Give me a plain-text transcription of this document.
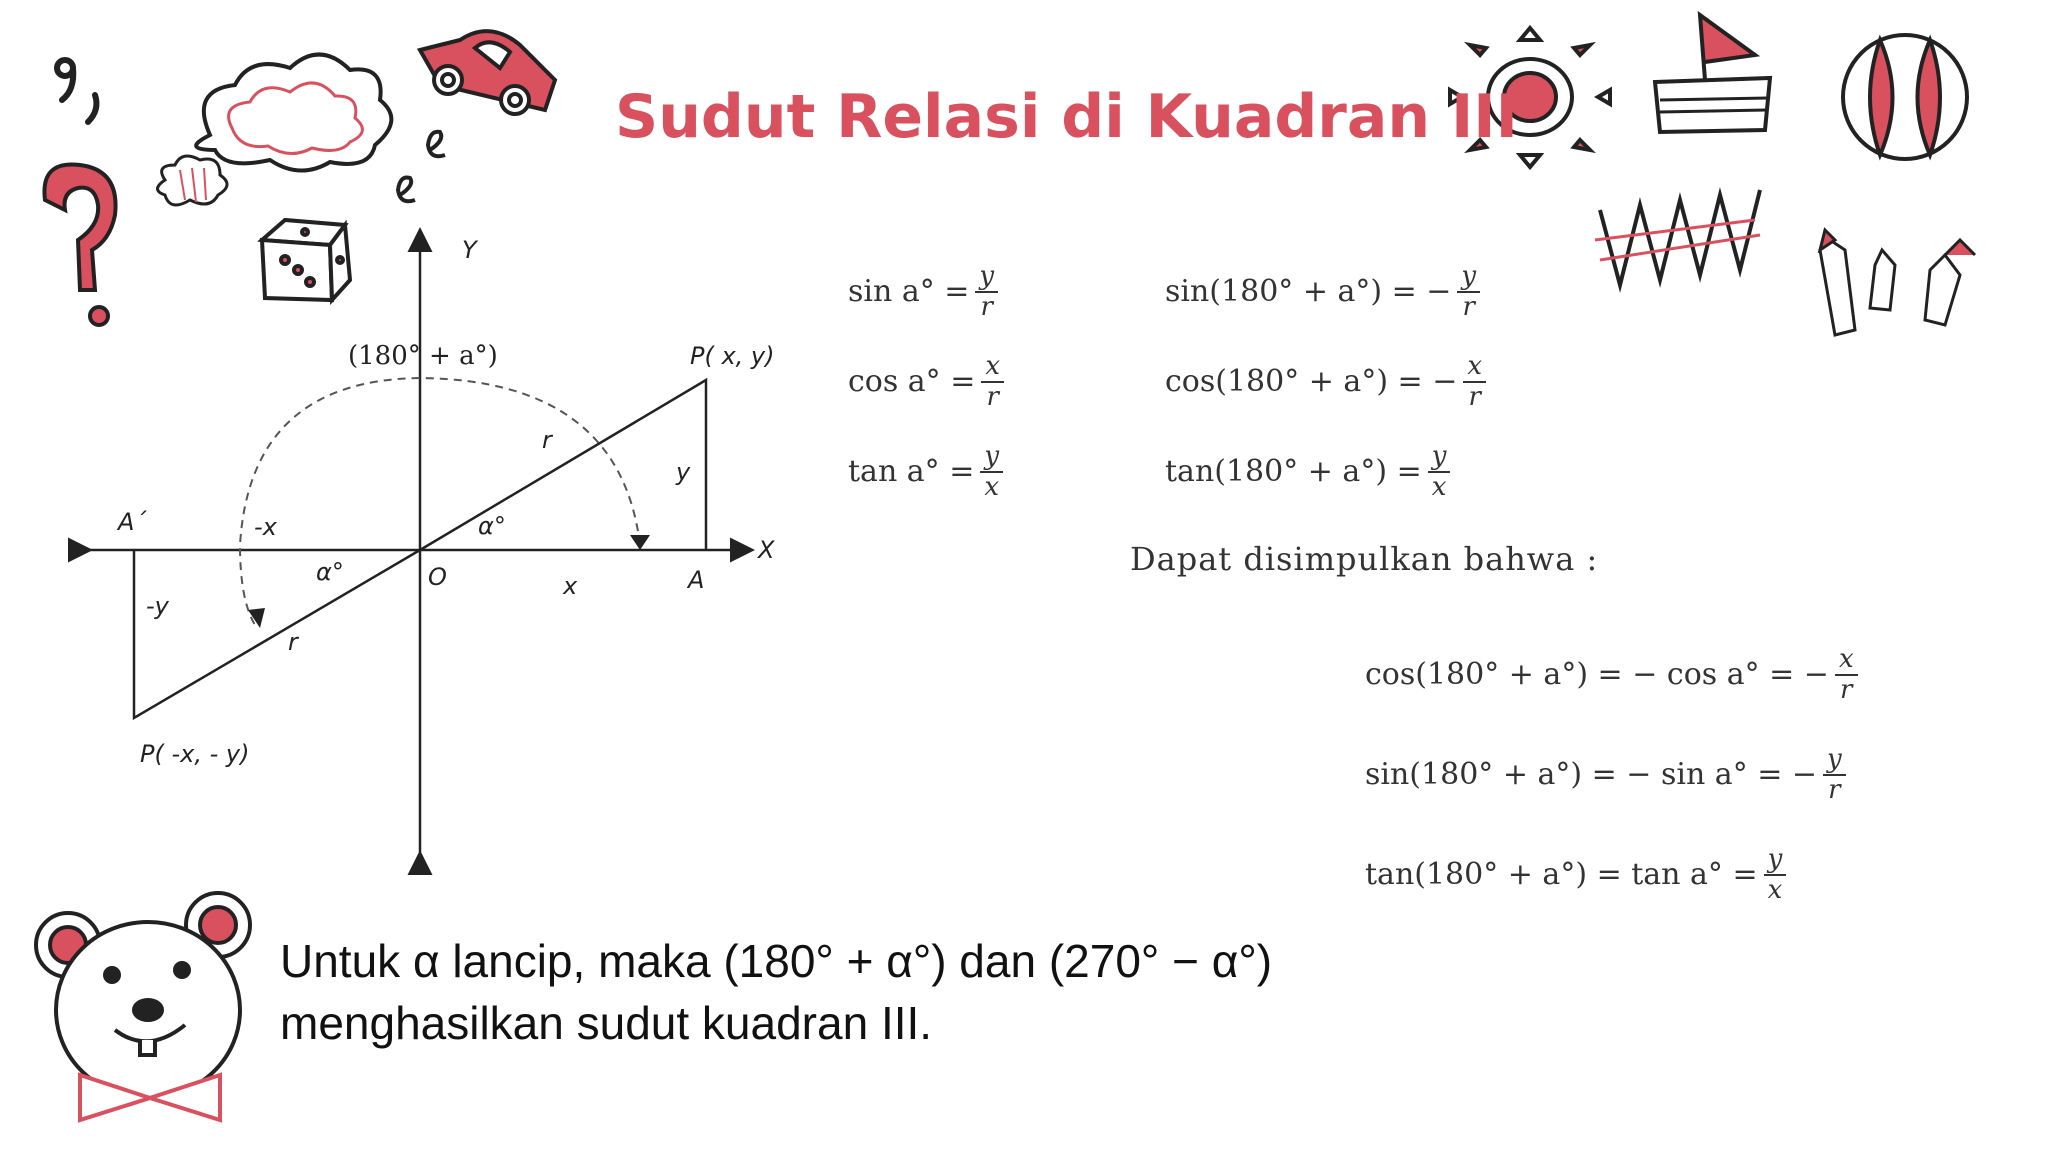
Sudut Relasi di Kuadran III
Y
X
O
(180° + a°)	P( x, y)
P( -x, - y)
r
r
y
-y
x
-x	α°
α°	A
A´
$\sin a^\circ = \frac{y}{r}$
$\cos a^\circ = \frac{x}{r}$
$\tan a^\circ = \frac{y}{x}$
sin(180° + a°) = − $\frac{y}{r}$
cos(180° + a°) = − $\frac{x}{r}$
$\tan(180^\circ + a^\circ) = \frac{y}{x}$
Dapat disimpulkan bahwa :
cos(180° + a°) = − cos a° = − $\frac{x}{r}$
sin(180° + a°) = − sin a° = − $\frac{y}{r}$
$\tan(180^\circ + a^\circ) = \tan a^\circ = \frac{y}{x}$
Untuk α lancip, maka (180° + α°) dan (270° − α°) menghasilkan sudut kuadran III.
